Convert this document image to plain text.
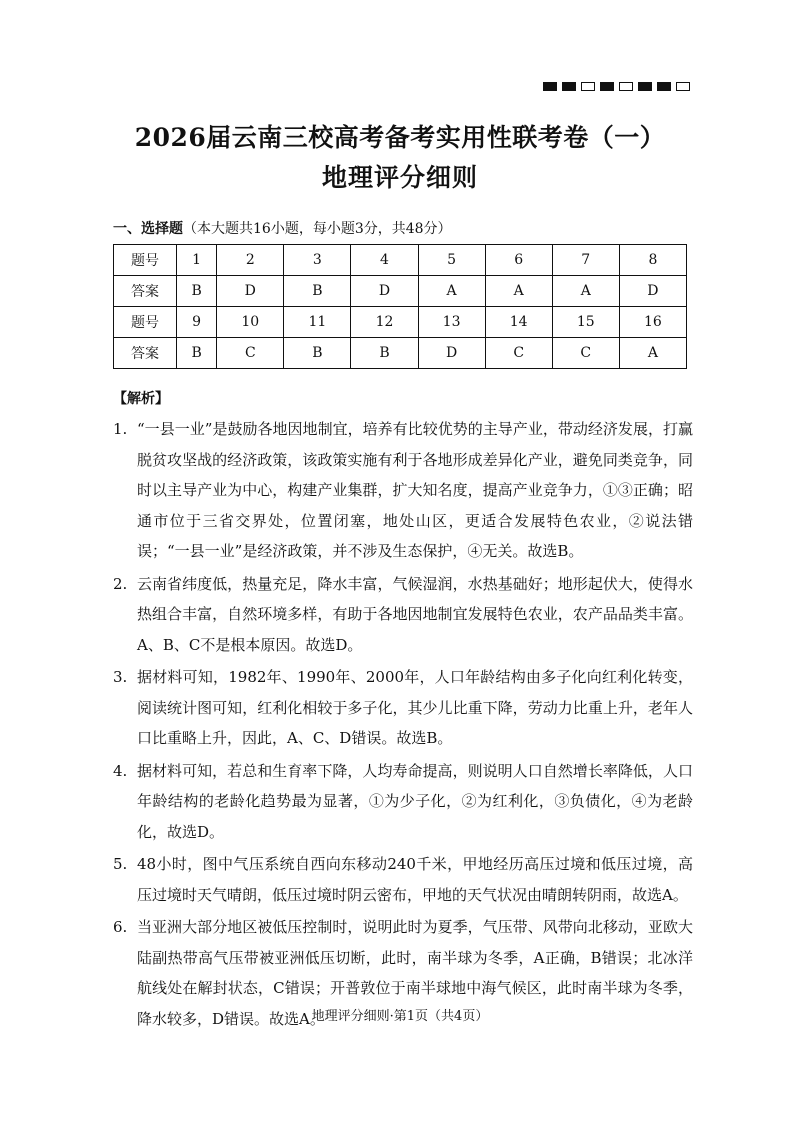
2026届云南三校高考备考实用性联考卷（一）
地理评分细则
一、选择题（本大题共16小题，每小题3分，共48分）
题号	1	2	3	4	5	6	7	8
答案	B	D	B	D	A	A	A	D
题号	9	10	11	12	13	14	15	16
答案	B	C	B	B	D	C	C	A
【解析】
1. “一县一业”是鼓励各地因地制宜，培养有比较优势的主导产业，带动经济发展，打赢脱贫攻坚战的经济政策，该政策实施有利于各地形成差异化产业，避免同类竞争，同时以主导产业为中心，构建产业集群，扩大知名度，提高产业竞争力，①③正确；昭通市位于三省交界处，位置闭塞，地处山区，更适合发展特色农业，②说法错误；“一县一业”是经济政策，并不涉及生态保护，④无关。故选B。
2. 云南省纬度低，热量充足，降水丰富，气候湿润，水热基础好；地形起伏大，使得水热组合丰富，自然环境多样，有助于各地因地制宜发展特色农业，农产品品类丰富。A、B、C不是根本原因。故选D。
3. 据材料可知，1982年、1990年、2000年，人口年龄结构由多子化向红利化转变，阅读统计图可知，红利化相较于多子化，其少儿比重下降，劳动力比重上升，老年人口比重略上升，因此，A、C、D错误。故选B。
4. 据材料可知，若总和生育率下降，人均寿命提高，则说明人口自然增长率降低，人口年龄结构的老龄化趋势最为显著，①为少子化，②为红利化，③负债化，④为老龄化，故选D。
5. 48小时，图中气压系统自西向东移动240千米，甲地经历高压过境和低压过境，高压过境时天气晴朗，低压过境时阴云密布，甲地的天气状况由晴朗转阴雨，故选A。
6. 当亚洲大部分地区被低压控制时，说明此时为夏季，气压带、风带向北移动，亚欧大陆副热带高气压带被亚洲低压切断，此时，南半球为冬季，A正确，B错误；北冰洋航线处在解封状态，C错误；开普敦位于南半球地中海气候区，此时南半球为冬季，降水较多，D错误。故选A。
地理评分细则·第1页（共4页）
